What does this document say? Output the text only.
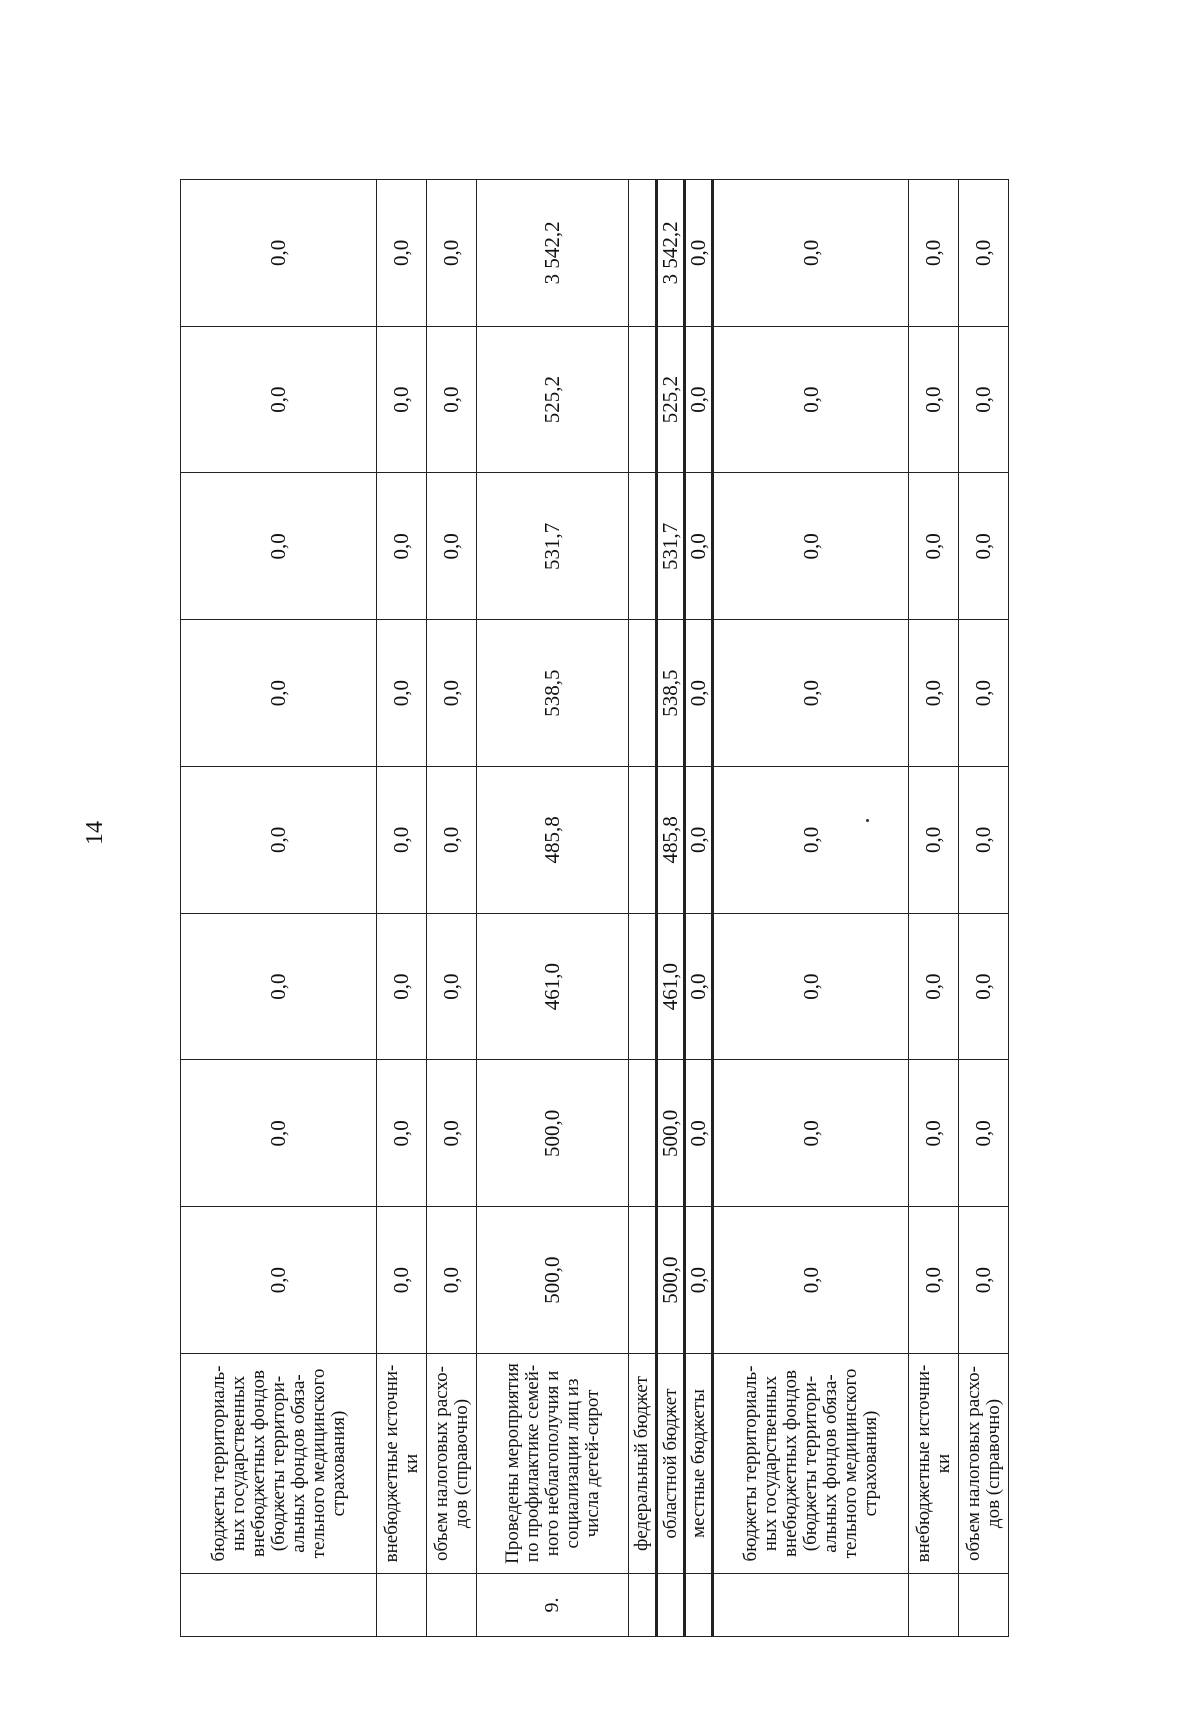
14
	бюджеты территориаль-ных государственных внебюджетных фондов (бюджеты территори-альных фондов обяза-тельного медицинского страхования)	0,0	0,0	0,0	0,0	0,0	0,0	0,0	0,0
	внебюджетные источни-ки	0,0	0,0	0,0	0,0	0,0	0,0	0,0	0,0
	объем налоговых расхо-дов (справочно)	0,0	0,0	0,0	0,0	0,0	0,0	0,0	0,0
9.	Проведены мероприятия по профилактике семей-ного неблагополучия и социализации лиц из числа детей-сирот	500,0	500,0	461,0	485,8	538,5	531,7	525,2	3 542,2
	федеральный бюджет								
	областной бюджет	500,0	500,0	461,0	485,8	538,5	531,7	525,2	3 542,2
	местные бюджеты	0,0	0,0	0,0	0,0	0,0	0,0	0,0	0,0
	бюджеты территориаль-ных государственных внебюджетных фондов (бюджеты территори-альных фондов обяза-тельного медицинского страхования)	0,0	0,0	0,0	0,0	0,0	0,0	0,0	0,0
	внебюджетные источни-ки	0,0	0,0	0,0	0,0	0,0	0,0	0,0	0,0
	объем налоговых расхо-дов (справочно)	0,0	0,0	0,0	0,0	0,0	0,0	0,0	0,0
